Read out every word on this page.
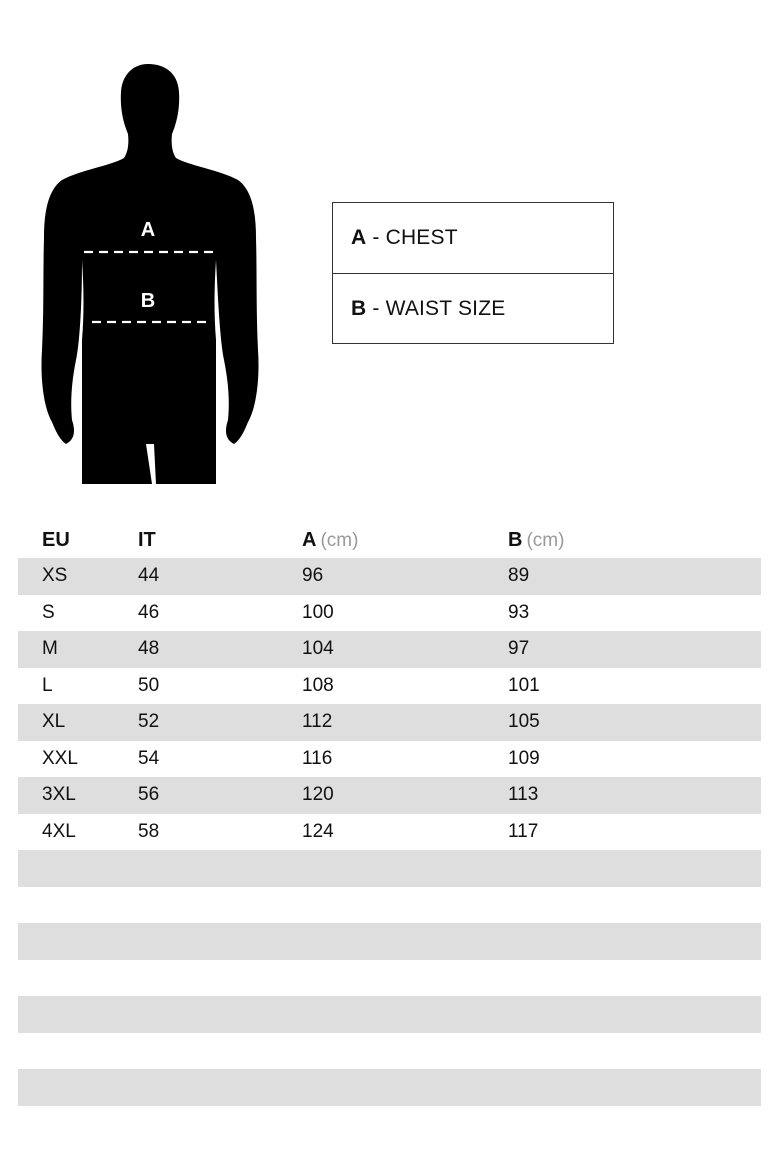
A
B
A - CHEST
B - WAIST SIZE
EU	IT	A (cm)	B (cm)
XS	44	96	89
S	46	100	93
M	48	104	97
L	50	108	101
XL	52	112	105
XXL	54	116	109
3XL	56	120	113
4XL	58	124	117
